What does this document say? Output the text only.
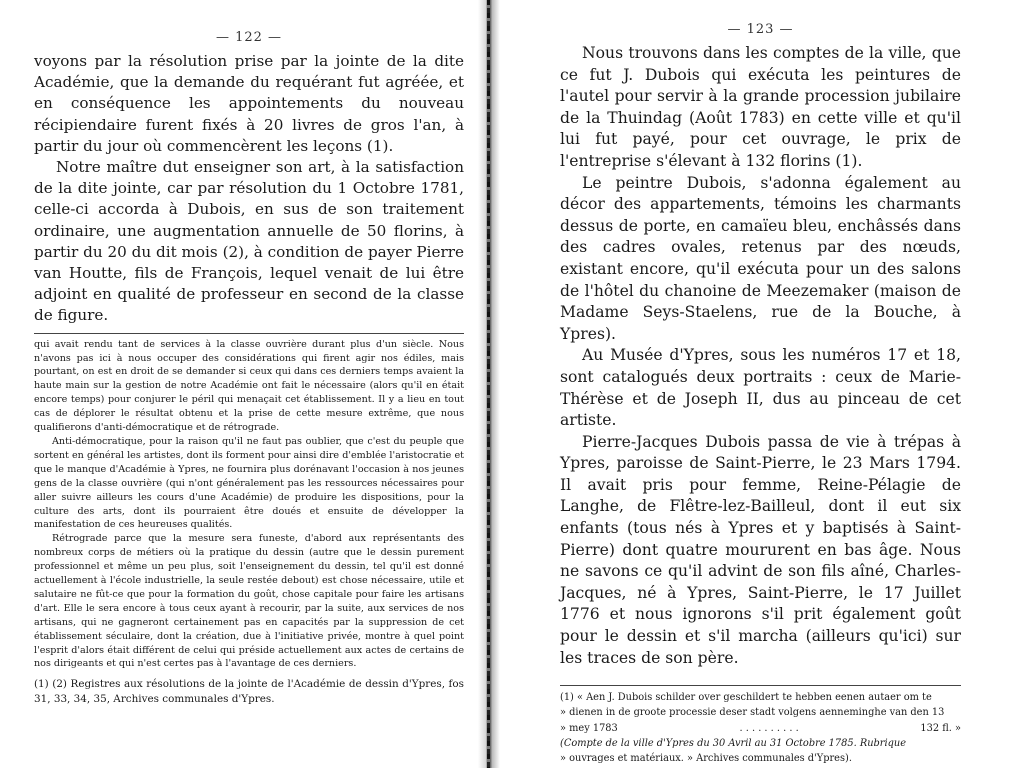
— 122 —

voyons par la résolution prise par la jointe de la dite Académie, que la demande du requérant fut agréée, et en conséquence les appointements du nouveau récipiendaire furent fixés à 20 livres de gros l'an, à partir du jour où commencèrent les leçons (1).

Notre maître dut enseigner son art, à la satisfaction de la dite jointe, car par résolution du 1 Octobre 1781, celle-ci accorda à Dubois, en sus de son traitement ordinaire, une augmentation annuelle de 50 florins, à partir du 20 du dit mois (2), à condition de payer Pierre van Houtte, fils de François, lequel venait de lui être adjoint en qualité de professeur en second de la classe de figure.

qui avait rendu tant de services à la classe ouvrière durant plus d'un siècle. Nous n'avons pas ici à nous occuper des considérations qui firent agir nos édiles, mais pourtant, on est en droit de se demander si ceux qui dans ces derniers temps avaient la haute main sur la gestion de notre Académie ont fait le nécessaire (alors qu'il en était encore temps) pour conjurer le péril qui menaçait cet établissement. Il y a lieu en tout cas de déplorer le résultat obtenu et la prise de cette mesure extrême, que nous qualifierons d'anti-démocratique et de rétrograde.

Anti-démocratique, pour la raison qu'il ne faut pas oublier, que c'est du peuple que sortent en général les artistes, dont ils forment pour ainsi dire d'emblée l'aristocratie et que le manque d'Académie à Ypres, ne fournira plus dorénavant l'occasion à nos jeunes gens de la classe ouvrière (qui n'ont généralement pas les ressources nécessaires pour aller suivre ailleurs les cours d'une Académie) de produire les dispositions, pour la culture des arts, dont ils pourraient être doués et ensuite de développer la manifestation de ces heureuses qualités.

Rétrograde parce que la mesure sera funeste, d'abord aux représentants des nombreux corps de métiers où la pratique du dessin (autre que le dessin purement professionnel et même un peu plus, soit l'enseignement du dessin, tel qu'il est donné actuellement à l'école industrielle, la seule restée debout) est chose nécessaire, utile et salutaire ne fût-ce que pour la formation du goût, chose capitale pour faire les artisans d'art. Elle le sera encore à tous ceux ayant à recourir, par la suite, aux services de nos artisans, qui ne gagneront certainement pas en capacités par la suppression de cet établissement séculaire, dont la création, due à l'initiative privée, montre à quel point l'esprit d'alors était différent de celui qui préside actuellement aux actes de certains de nos dirigeants et qui n'est certes pas à l'avantage de ces derniers.

(1) (2) Registres aux résolutions de la jointe de l'Académie de dessin d'Ypres, fos 31, 33, 34, 35, Archives communales d'Ypres.

— 123 —

Nous trouvons dans les comptes de la ville, que ce fut J. Dubois qui exécuta les peintures de l'autel pour servir à la grande procession jubilaire de la Thuindag (Août 1783) en cette ville et qu'il lui fut payé, pour cet ouvrage, le prix de l'entreprise s'élevant à 132 florins (1).

Le peintre Dubois, s'adonna également au décor des appartements, témoins les charmants dessus de porte, en camaïeu bleu, enchâssés dans des cadres ovales, retenus par des nœuds, existant encore, qu'il exécuta pour un des salons de l'hôtel du chanoine de Meezemaker (maison de Madame Seys-Staelens, rue de la Bouche, à Ypres).

Au Musée d'Ypres, sous les numéros 17 et 18, sont catalogués deux portraits : ceux de Marie-Thérèse et de Joseph II, dus au pinceau de cet artiste.

Pierre-Jacques Dubois passa de vie à trépas à Ypres, paroisse de Saint-Pierre, le 23 Mars 1794. Il avait pris pour femme, Reine-Pélagie de Langhe, de Flêtre-lez-Bailleul, dont il eut six enfants (tous nés à Ypres et y baptisés à Saint-Pierre) dont quatre moururent en bas âge. Nous ne savons ce qu'il advint de son fils aîné, Charles-Jacques, né à Ypres, Saint-Pierre, le 17 Juillet 1776 et nous ignorons s'il prit également goût pour le dessin et s'il marcha (ailleurs qu'ici) sur les traces de son père.

(1) « Aen J. Dubois schilder over geschildert te hebben eenen autaer om te

» dienen in de groote processie deser stadt volgens aenneminghe van den 13

» mey 1783	. . . . . . . . . .	132 fl. »

(Compte de la ville d'Ypres du 30 Avril au 31 Octobre 1785. Rubrique

» ouvrages et matériaux. » Archives communales d'Ypres).
